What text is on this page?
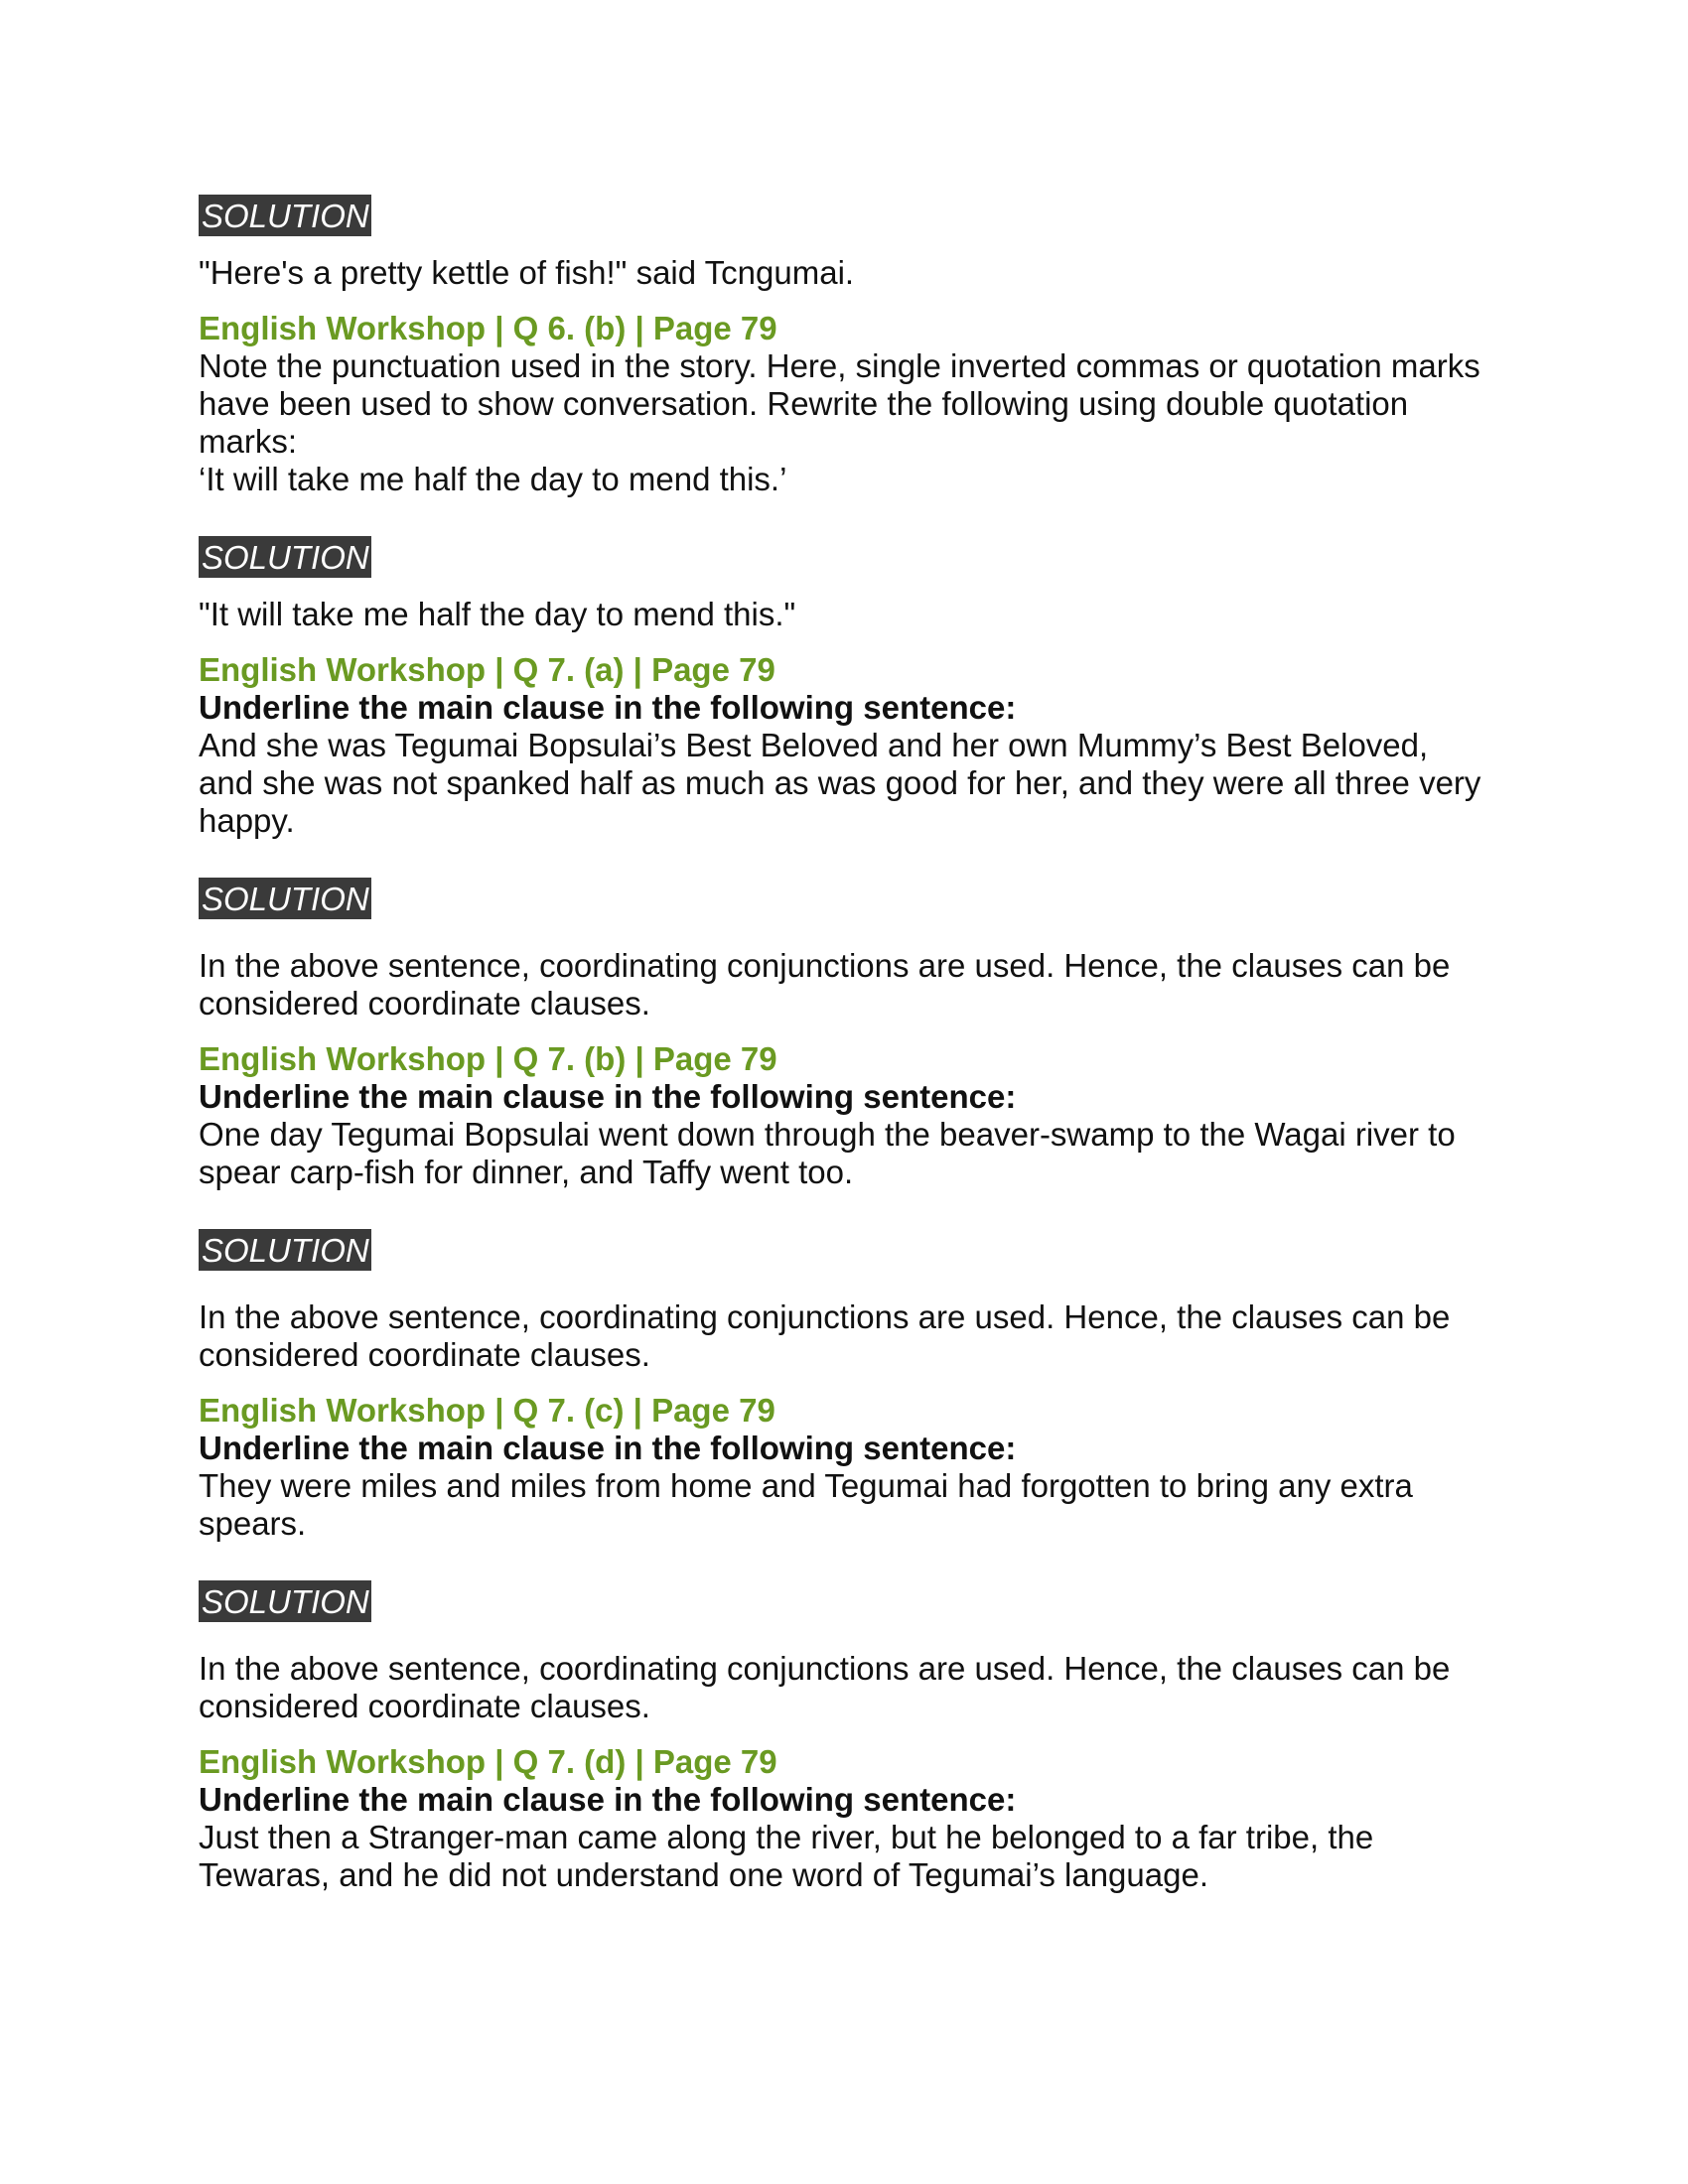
SOLUTION

"Here's a pretty kettle of fish!" said Tcngumai.

English Workshop | Q 6. (b) | Page 79

Note the punctuation used in the story. Here, single inverted commas or quotation marks have been used to show conversation. Rewrite the following using double quotation marks:

‘It will take me half the day to mend this.’

SOLUTION

"It will take me half the day to mend this."

English Workshop | Q 7. (a) | Page 79

Underline the main clause in the following sentence:

And she was Tegumai Bopsulai’s Best Beloved and her own Mummy’s Best Beloved, and she was not spanked half as much as was good for her, and they were all three very happy.

SOLUTION

In the above sentence, coordinating conjunctions are used. Hence, the clauses can be considered coordinate clauses.

English Workshop | Q 7. (b) | Page 79

Underline the main clause in the following sentence:

One day Tegumai Bopsulai went down through the beaver-swamp to the Wagai river to spear carp-fish for dinner, and Taffy went too.

SOLUTION

In the above sentence, coordinating conjunctions are used. Hence, the clauses can be considered coordinate clauses.

English Workshop | Q 7. (c) | Page 79

Underline the main clause in the following sentence:

They were miles and miles from home and Tegumai had forgotten to bring any extra spears.

SOLUTION

In the above sentence, coordinating conjunctions are used. Hence, the clauses can be considered coordinate clauses.

English Workshop | Q 7. (d) | Page 79

Underline the main clause in the following sentence:

Just then a Stranger-man came along the river, but he belonged to a far tribe, the Tewaras, and he did not understand one word of Tegumai’s language.
